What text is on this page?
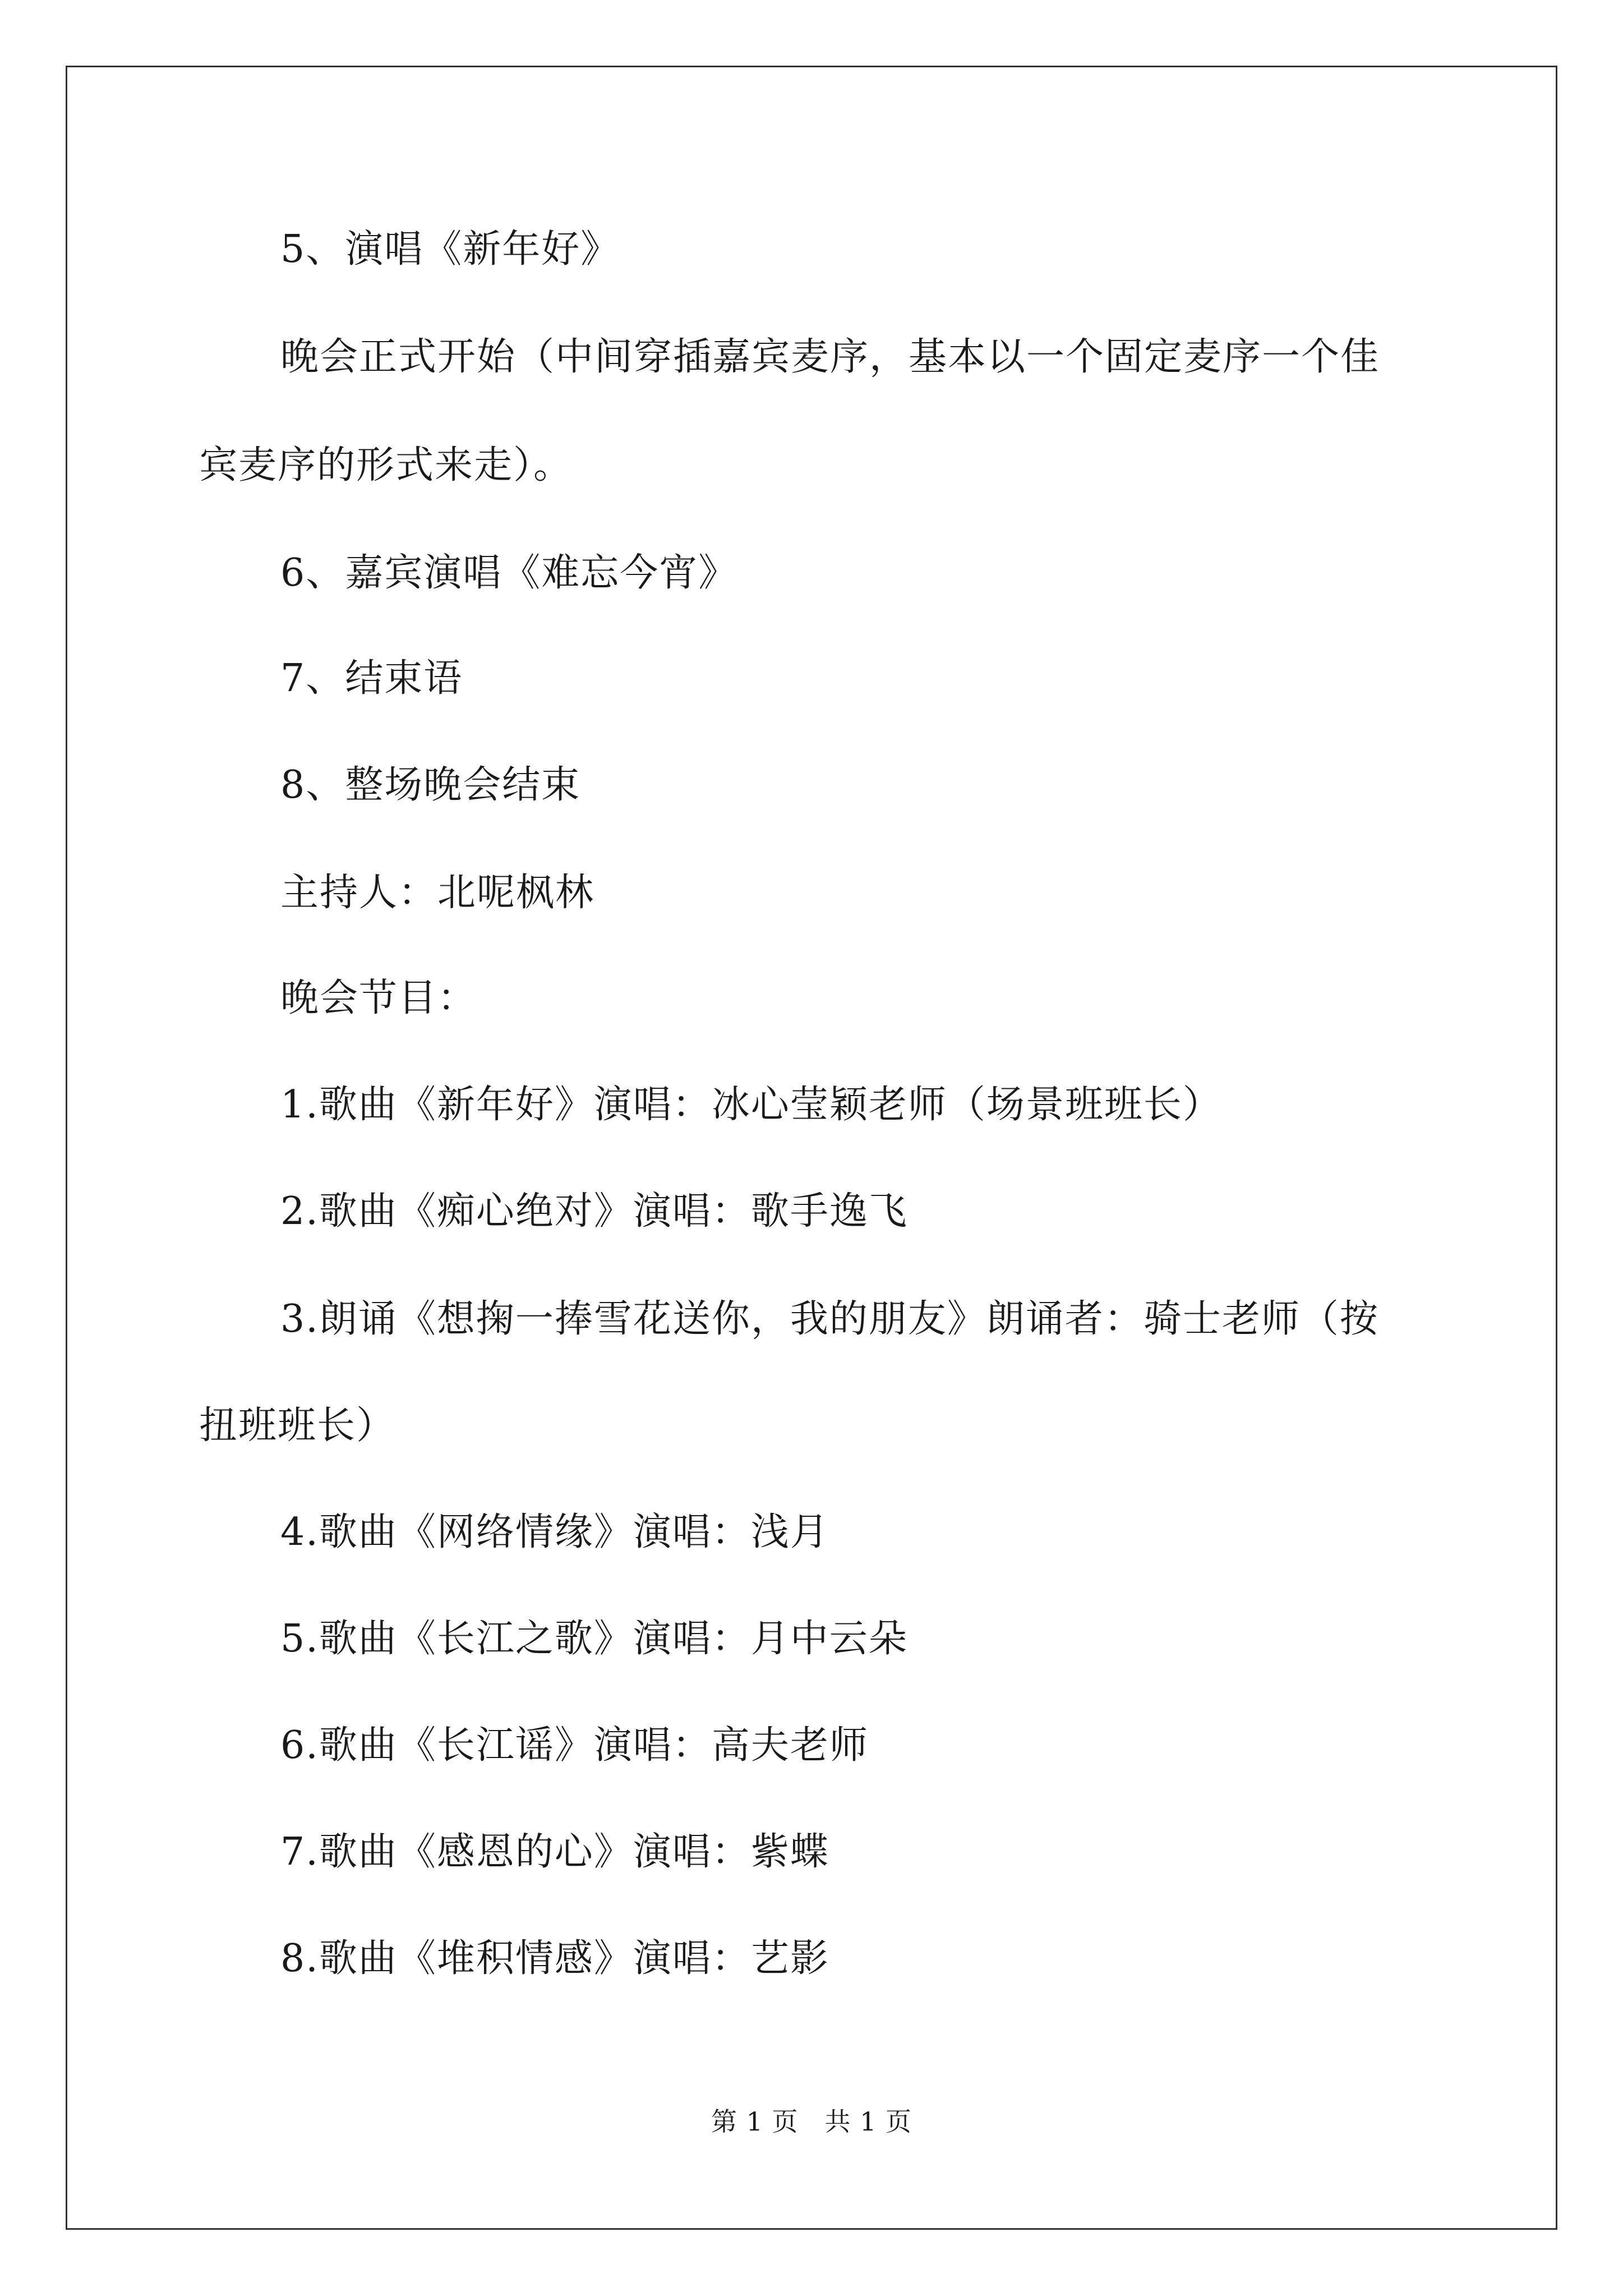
5、演唱《新年好》
晚会正式开始（中间穿插嘉宾麦序，基本以一个固定麦序一个佳
宾麦序的形式来走）。
6、嘉宾演唱《难忘今宵》
7、结束语
8、整场晚会结束
主持人：北呢枫林
晚会节目：
1.歌曲《新年好》演唱：冰心莹颖老师（场景班班长）
2.歌曲《痴心绝对》演唱：歌手逸飞
3.朗诵《想掬一捧雪花送你，我的朋友》朗诵者：骑士老师（按
扭班班长）
4.歌曲《网络情缘》演唱：浅月
5.歌曲《长江之歌》演唱：月中云朵
6.歌曲《长江谣》演唱：高夫老师
7.歌曲《感恩的心》演唱：紫蝶
8.歌曲《堆积情感》演唱：艺影
第 1 页　共 1 页
